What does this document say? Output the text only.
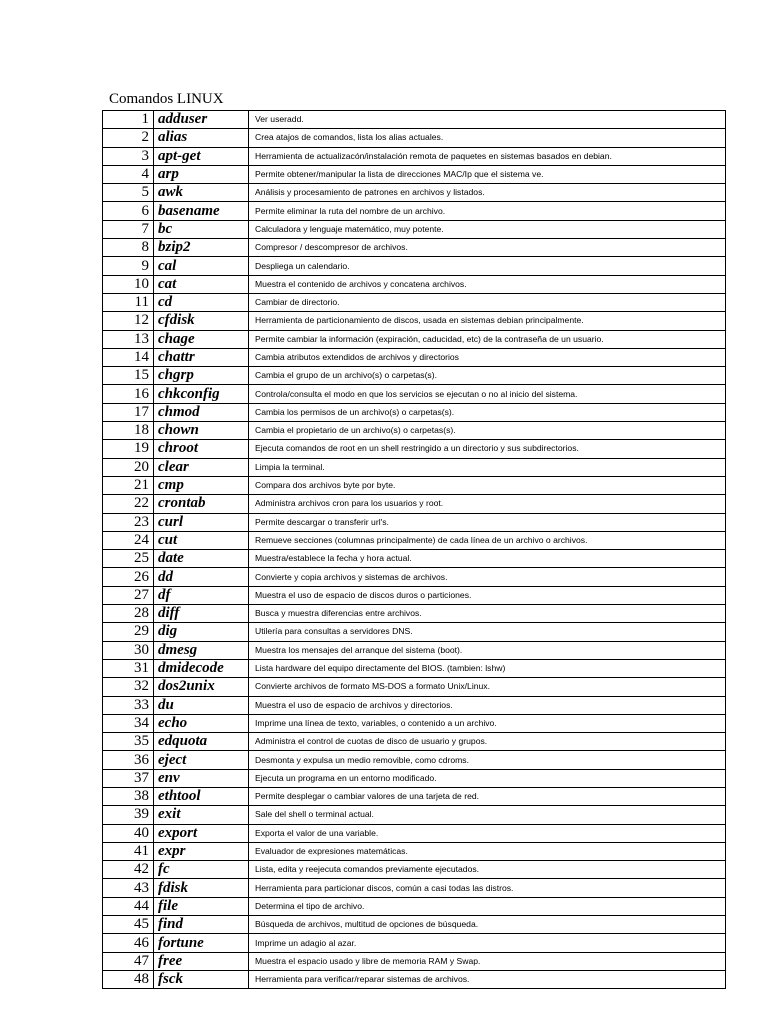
Comandos LINUX
1	adduser	Ver useradd.
2	alias	Crea atajos de comandos, lista los alias actuales.
3	apt-get	Herramienta de actualizacón/instalación remota de paquetes en sistemas basados en debian.
4	arp	Permite obtener/manipular la lista de direcciones MAC/Ip que el sistema ve.
5	awk	Análisis y procesamiento de patrones en archivos y listados.
6	basename	Permite eliminar la ruta del nombre de un archivo.
7	bc	Calculadora y lenguaje matemático, muy potente.
8	bzip2	Compresor / descompresor de archivos.
9	cal	Despliega un calendario.
10	cat	Muestra el contenido de archivos y concatena archivos.
11	cd	Cambiar de directorio.
12	cfdisk	Herramienta de particionamiento de discos, usada en sistemas debian principalmente.
13	chage	Permite cambiar la información (expiración, caducidad, etc) de la contraseña de un usuario.
14	chattr	Cambia atributos extendidos de archivos y directorios
15	chgrp	Cambia el grupo de un archivo(s) o carpetas(s).
16	chkconfig	Controla/consulta el modo en que los servicios se ejecutan o no al inicio del sistema.
17	chmod	Cambia los permisos de un archivo(s) o carpetas(s).
18	chown	Cambia el propietario de un archivo(s) o carpetas(s).
19	chroot	Ejecuta comandos de root en un shell restringido a un directorio y sus subdirectorios.
20	clear	Limpia la terminal.
21	cmp	Compara dos archivos byte por byte.
22	crontab	Administra archivos cron para los usuarios y root.
23	curl	Permite descargar o transferir url's.
24	cut	Remueve secciones (columnas principalmente) de cada línea de un archivo o archivos.
25	date	Muestra/establece la fecha y hora actual.
26	dd	Convierte y copia archivos y sistemas de archivos.
27	df	Muestra el uso de espacio de discos duros o particiones.
28	diff	Busca y muestra diferencias entre archivos.
29	dig	Utilería para consultas a servidores DNS.
30	dmesg	Muestra los mensajes del arranque del sistema (boot).
31	dmidecode	Lista hardware del equipo directamente del BIOS. (tambien: lshw)
32	dos2unix	Convierte archivos de formato MS-DOS a formato Unix/Linux.
33	du	Muestra el uso de espacio de archivos y directorios.
34	echo	Imprime una línea de texto, variables, o contenido a un archivo.
35	edquota	Administra el control de cuotas de disco de usuario y grupos.
36	eject	Desmonta y expulsa un medio removible, como cdroms.
37	env	Ejecuta un programa en un entorno modificado.
38	ethtool	Permite desplegar o cambiar valores de una tarjeta de red.
39	exit	Sale del shell o terminal actual.
40	export	Exporta el valor de una variable.
41	expr	Evaluador de expresiones matemáticas.
42	fc	Lista, edita y reejecuta comandos previamente ejecutados.
43	fdisk	Herramienta para particionar discos, común a casi todas las distros.
44	file	Determina el tipo de archivo.
45	find	Búsqueda de archivos, multitud de opciones de búsqueda.
46	fortune	Imprime un adagio al azar.
47	free	Muestra el espacio usado y libre de memoria RAM y Swap.
48	fsck	Herramienta para verificar/reparar sistemas de archivos.
